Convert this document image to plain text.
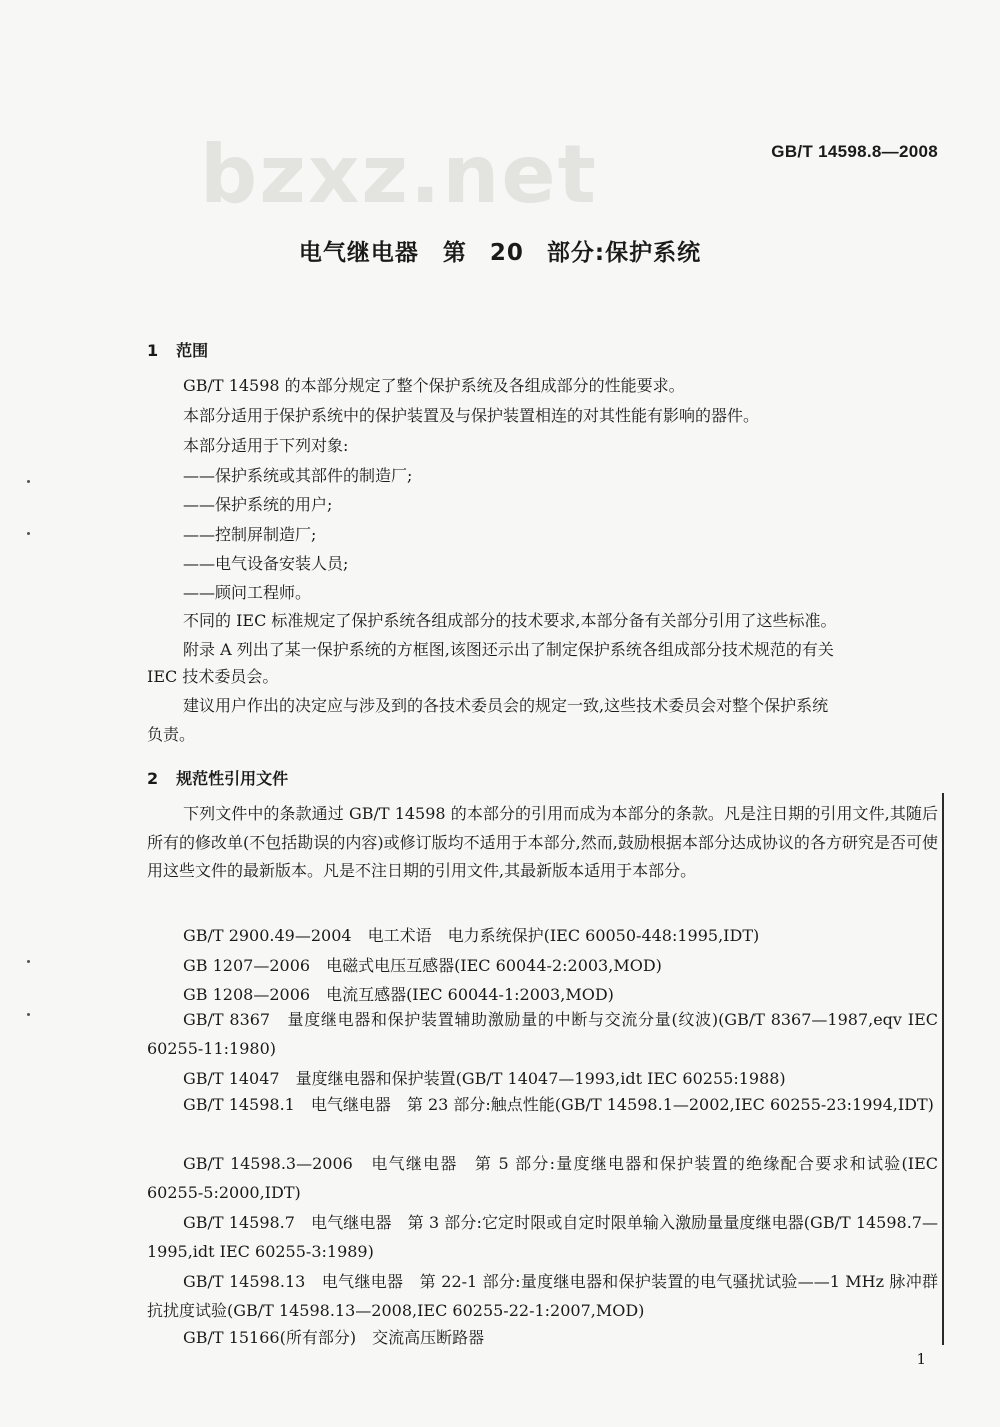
bzxz.net	GB/T 14598.8—2008
电气继电器　第 20 部分:保护系统
1 范围
GB/T 14598 的本部分规定了整个保护系统及各组成部分的性能要求。
本部分适用于保护系统中的保护装置及与保护装置相连的对其性能有影响的器件。
本部分适用于下列对象:
——保护系统或其部件的制造厂;
——保护系统的用户;
——控制屏制造厂;
——电气设备安装人员;
——顾问工程师。
不同的 IEC 标准规定了保护系统各组成部分的技术要求,本部分备有关部分引用了这些标准。
附录 A 列出了某一保护系统的方框图,该图还示出了制定保护系统各组成部分技术规范的有关
IEC 技术委员会。
建议用户作出的决定应与涉及到的各技术委员会的规定一致,这些技术委员会对整个保护系统
负责。
2 规范性引用文件
下列文件中的条款通过 GB/T 14598 的本部分的引用而成为本部分的条款。凡是注日期的引用文件,其随后所有的修改单(不包括勘误的内容)或修订版均不适用于本部分,然而,鼓励根据本部分达成协议的各方研究是否可使用这些文件的最新版本。凡是不注日期的引用文件,其最新版本适用于本部分。
GB/T 2900.49—2004　电工术语　电力系统保护(IEC 60050-448:1995,IDT)
GB 1207—2006　电磁式电压互感器(IEC 60044-2:2003,MOD)
GB 1208—2006　电流互感器(IEC 60044-1:2003,MOD)
GB/T 8367　量度继电器和保护装置辅助激励量的中断与交流分量(纹波)(GB/T 8367—1987,eqv IEC 60255-11:1980)
GB/T 14047　量度继电器和保护装置(GB/T 14047—1993,idt IEC 60255:1988)
GB/T 14598.1　电气继电器　第 23 部分:触点性能(GB/T 14598.1—2002,IEC 60255-23:1994,IDT)
GB/T 14598.3—2006　电气继电器　第 5 部分:量度继电器和保护装置的绝缘配合要求和试验(IEC 60255-5:2000,IDT)
GB/T 14598.7　电气继电器　第 3 部分:它定时限或自定时限单输入激励量量度继电器(GB/T 14598.7—1995,idt IEC 60255-3:1989)
GB/T 14598.13　电气继电器　第 22-1 部分:量度继电器和保护装置的电气骚扰试验——1 MHz 脉冲群抗扰度试验(GB/T 14598.13—2008,IEC 60255-22-1:2007,MOD)
GB/T 15166(所有部分)　交流高压断路器
1
